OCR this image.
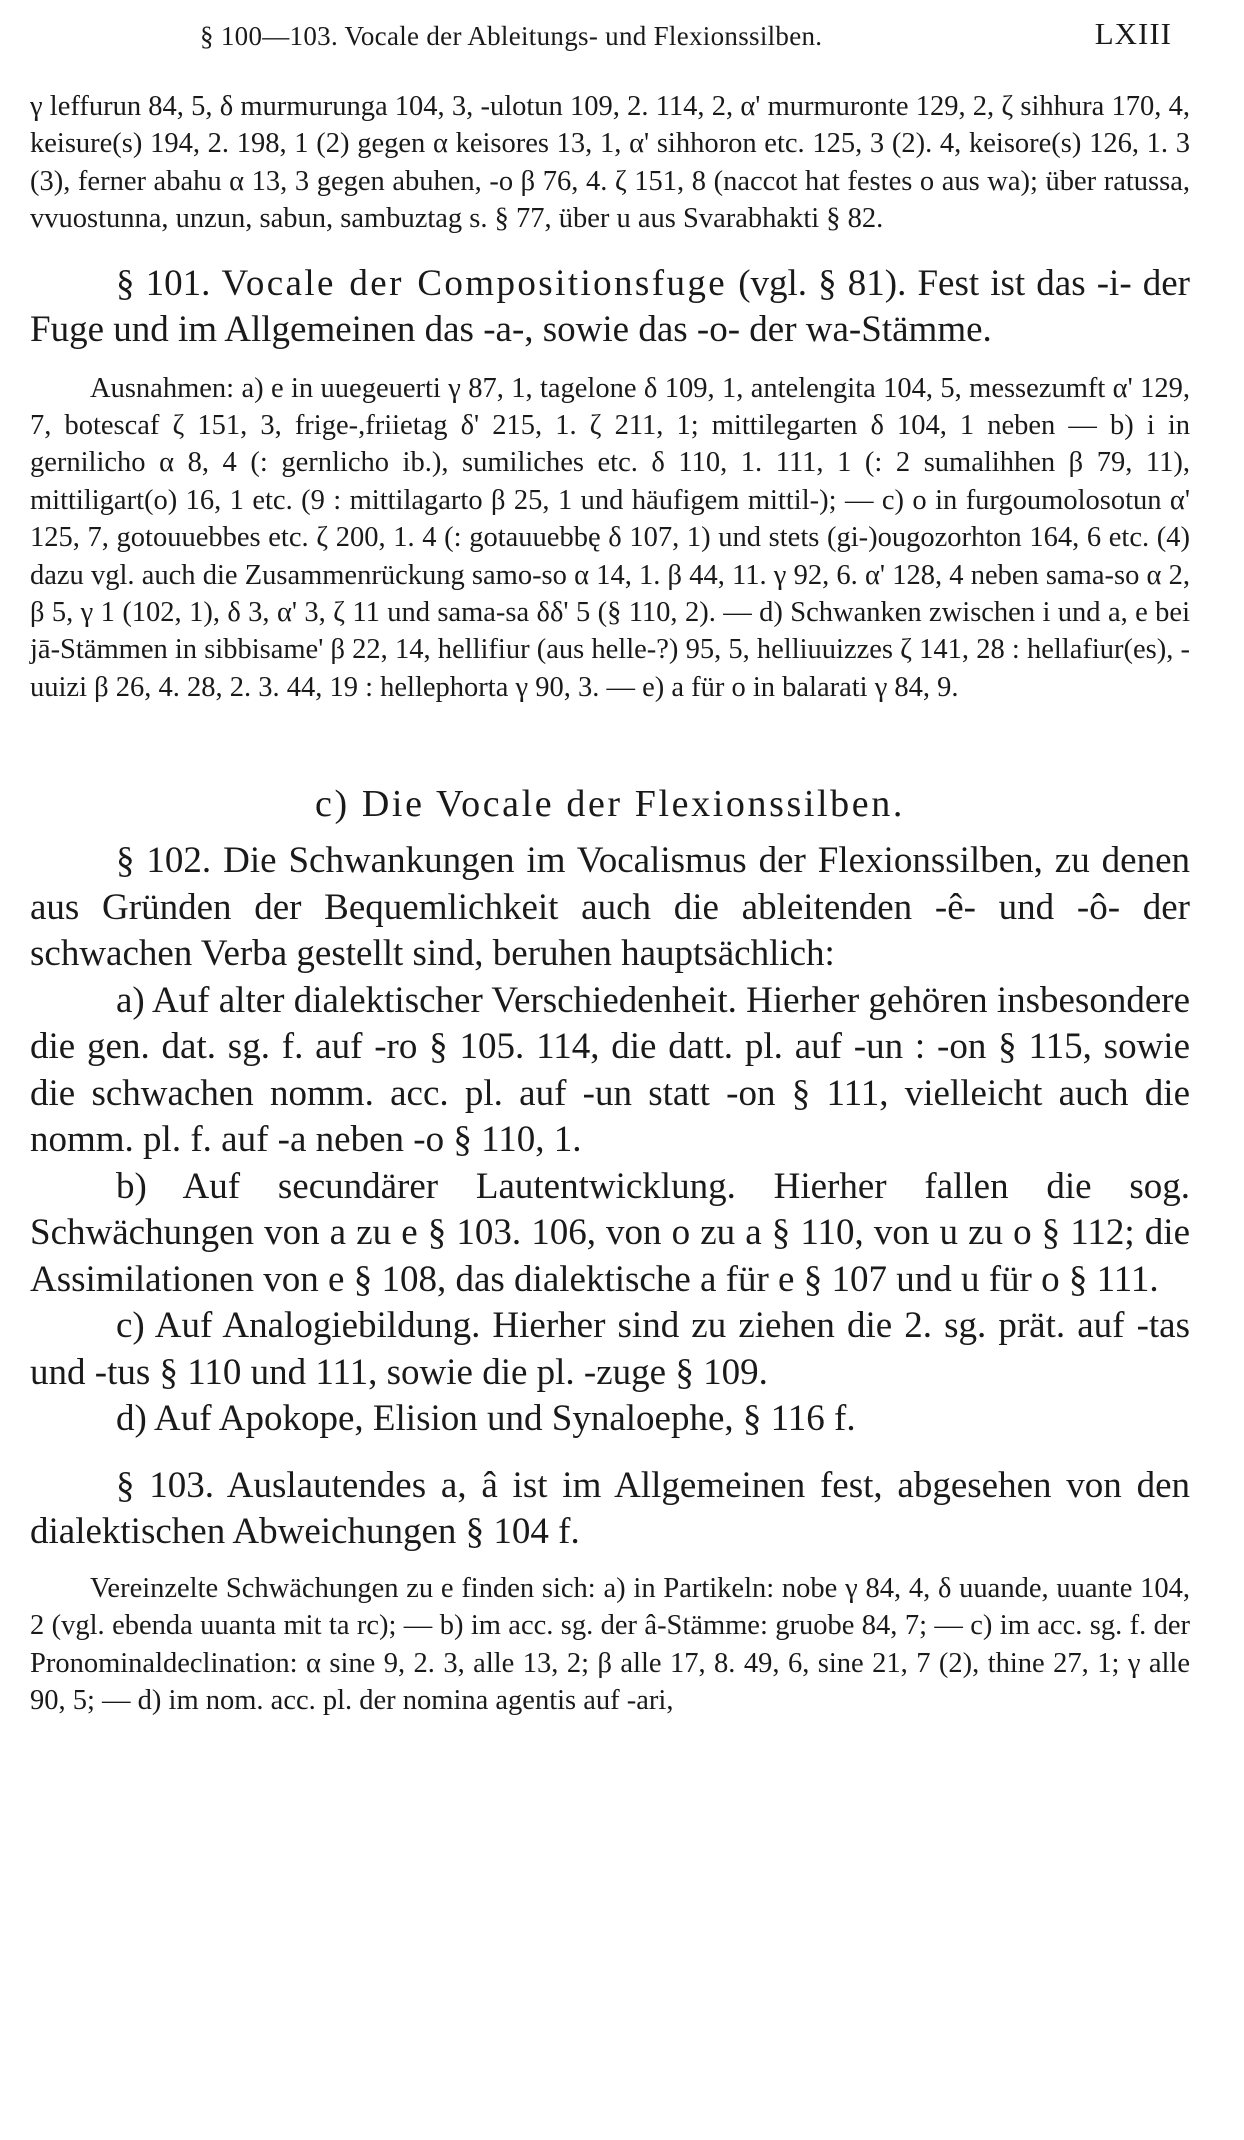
§ 100—103. Vocale der Ableitungs- und Flexionssilben.	LXIII

γ leffurun 84, 5, δ murmurunga 104, 3, -ulotun 109, 2. 114, 2, α' murmuronte 129, 2, ζ sihhura 170, 4, keisure(s) 194, 2. 198, 1 (2) gegen α keisores 13, 1, α' sihhoron etc. 125, 3 (2). 4, keisore(s) 126, 1. 3 (3), ferner abahu α 13, 3 gegen abuhen, -o β 76, 4. ζ 151, 8 (naccot hat festes o aus wa); über ratussa, vvuostunna, unzun, sabun, sambuztag s. § 77, über u aus Svarabhakti § 82.

§ 101. Vocale der Compositionsfuge (vgl. § 81). Fest ist das -i- der Fuge und im Allgemeinen das -a-, sowie das -o- der wa-Stämme.

Ausnahmen: a) e in uuegeuerti γ 87, 1, tagelone δ 109, 1, antelengita 104, 5, messezumft α' 129, 7, botescaf ζ 151, 3, frige-,friietag δ' 215, 1. ζ 211, 1; mittilegarten δ 104, 1 neben — b) i in gernilicho α 8, 4 (: gernlicho ib.), sumiliches etc. δ 110, 1. 111, 1 (: 2 sumalihhen β 79, 11), mittiligart(o) 16, 1 etc. (9 : mittilagarto β 25, 1 und häufigem mittil-); — c) o in furgoumolosotun α' 125, 7, gotouuebbes etc. ζ 200, 1. 4 (: gotauuebbę δ 107, 1) und stets (gi-)ougozorhton 164, 6 etc. (4) dazu vgl. auch die Zusammenrückung samo-so α 14, 1. β 44, 11. γ 92, 6. α' 128, 4 neben sama-so α 2, β 5, γ 1 (102, 1), δ 3, α' 3, ζ 11 und sama-sa δδ' 5 (§ 110, 2). — d) Schwanken zwischen i und a, e bei jā-Stämmen in sibbisame' β 22, 14, hellifiur (aus helle-?) 95, 5, helliuuizzes ζ 141, 28 : hellafiur(es), -uuizi β 26, 4. 28, 2. 3. 44, 19 : hellephorta γ 90, 3. — e) a für o in balarati γ 84, 9.

c) Die Vocale der Flexionssilben.

§ 102. Die Schwankungen im Vocalismus der Flexionssilben, zu denen aus Gründen der Bequemlichkeit auch die ableitenden -ê- und -ô- der schwachen Verba gestellt sind, beruhen hauptsächlich:

a) Auf alter dialektischer Verschiedenheit. Hierher gehören insbesondere die gen. dat. sg. f. auf -ro § 105. 114, die datt. pl. auf -un : -on § 115, sowie die schwachen nomm. acc. pl. auf -un statt -on § 111, vielleicht auch die nomm. pl. f. auf -a neben -o § 110, 1.

b) Auf secundärer Lautentwicklung. Hierher fallen die sog. Schwächungen von a zu e § 103. 106, von o zu a § 110, von u zu o § 112; die Assimilationen von e § 108, das dialektische a für e § 107 und u für o § 111.

c) Auf Analogiebildung. Hierher sind zu ziehen die 2. sg. prät. auf -tas und -tus § 110 und 111, sowie die pl. -zuge § 109.

d) Auf Apokope, Elision und Synaloephe, § 116 f.

§ 103. Auslautendes a, â ist im Allgemeinen fest, abgesehen von den dialektischen Abweichungen § 104 f.

Vereinzelte Schwächungen zu e finden sich: a) in Partikeln: nobe γ 84, 4, δ uuande, uuante 104, 2 (vgl. ebenda uuanta mit ta rc); — b) im acc. sg. der â-Stämme: gruobe 84, 7; — c) im acc. sg. f. der Pronominaldeclination: α sine 9, 2. 3, alle 13, 2; β alle 17, 8. 49, 6, sine 21, 7 (2), thine 27, 1; γ alle 90, 5; — d) im nom. acc. pl. der nomina agentis auf -ari,
